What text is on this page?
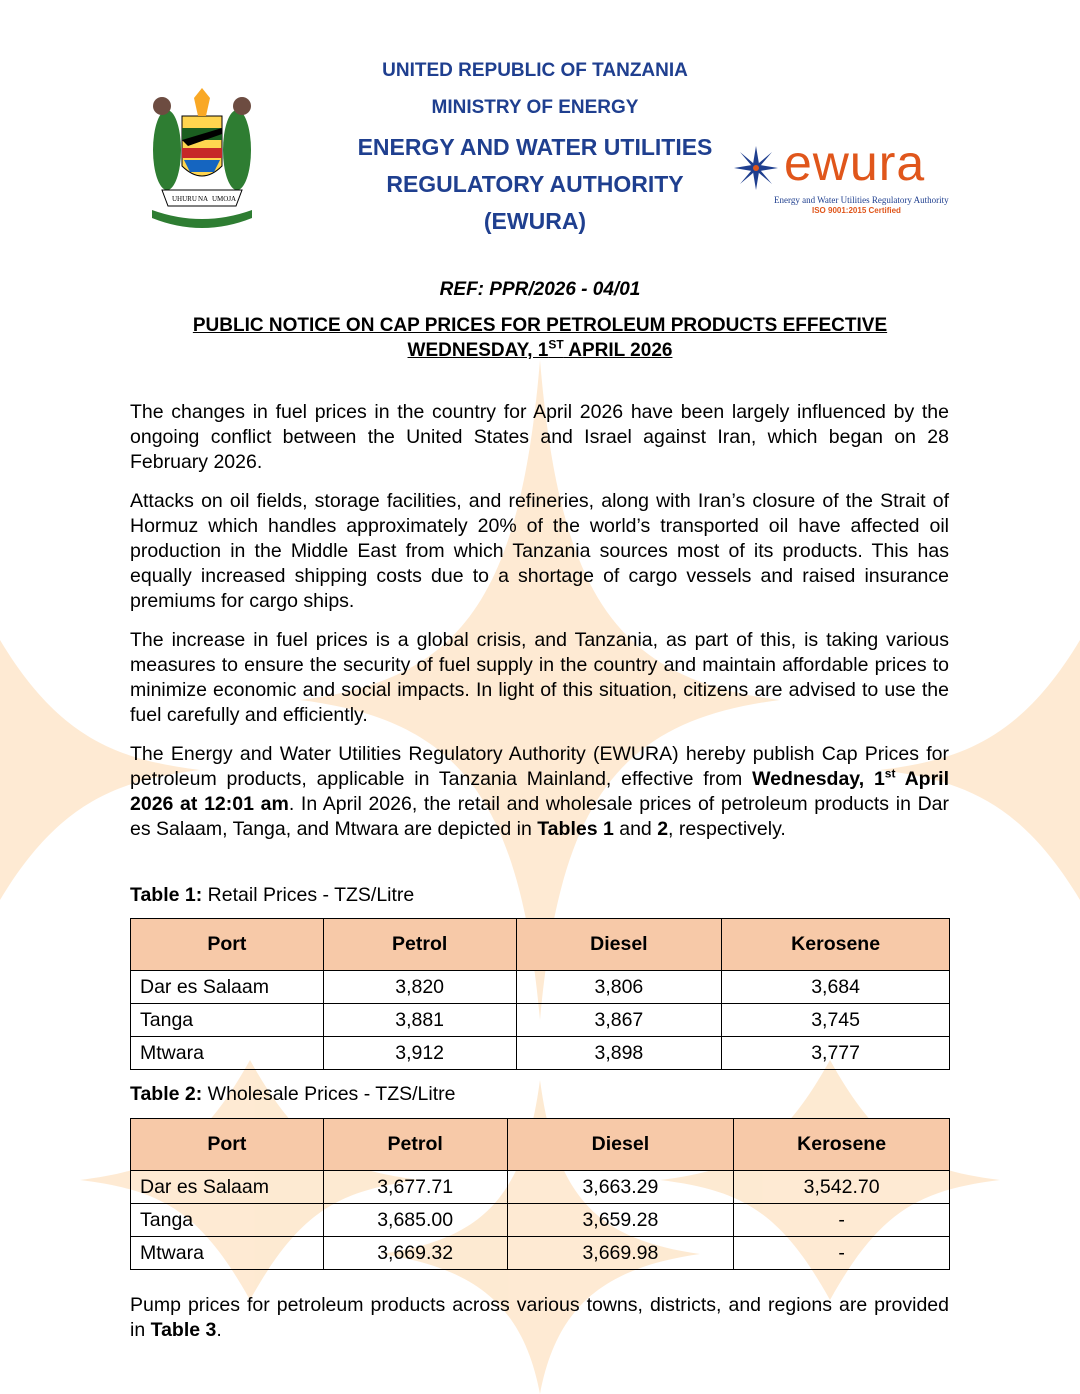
UHURU NA UMOJA
UNITED REPUBLIC OF TANZANIA
MINISTRY OF ENERGY
ENERGY AND WATER UTILITIES
REGULATORY AUTHORITY
(EWURA)
ewura
Energy and Water Utilities Regulatory Authority
ISO 9001:2015 Certified
REF: PPR/2026 - 04/01
PUBLIC NOTICE ON CAP PRICES FOR PETROLEUM PRODUCTS EFFECTIVE
WEDNESDAY, 1ST APRIL 2026
The changes in fuel prices in the country for April 2026 have been largely influenced by the ongoing conflict between the United States and Israel against Iran, which began on 28 February 2026.
Attacks on oil fields, storage facilities, and refineries, along with Iran’s closure of the Strait of Hormuz which handles approximately 20% of the world’s transported oil have affected oil production in the Middle East from which Tanzania sources most of its products. This has equally increased shipping costs due to a shortage of cargo vessels and raised insurance premiums for cargo ships.
The increase in fuel prices is a global crisis, and Tanzania, as part of this, is taking various measures to ensure the security of fuel supply in the country and maintain affordable prices to minimize economic and social impacts. In light of this situation, citizens are advised to use the fuel carefully and efficiently.
The Energy and Water Utilities Regulatory Authority (EWURA) hereby publish Cap Prices for petroleum products, applicable in Tanzania Mainland, effective from Wednesday, 1st April 2026 at 12:01 am. In April 2026, the retail and wholesale prices of petroleum products in Dar es Salaam, Tanga, and Mtwara are depicted in Tables 1 and 2, respectively.
Table 1: Retail Prices - TZS/Litre
Port	Petrol	Diesel	Kerosene
Dar es Salaam	3,820	3,806	3,684
Tanga	3,881	3,867	3,745
Mtwara	3,912	3,898	3,777
Table 2: Wholesale Prices - TZS/Litre
Port	Petrol	Diesel	Kerosene
Dar es Salaam	3,677.71	3,663.29	3,542.70
Tanga	3,685.00	3,659.28	-
Mtwara	3,669.32	3,669.98	-
Pump prices for petroleum products across various towns, districts, and regions are provided in Table 3.
